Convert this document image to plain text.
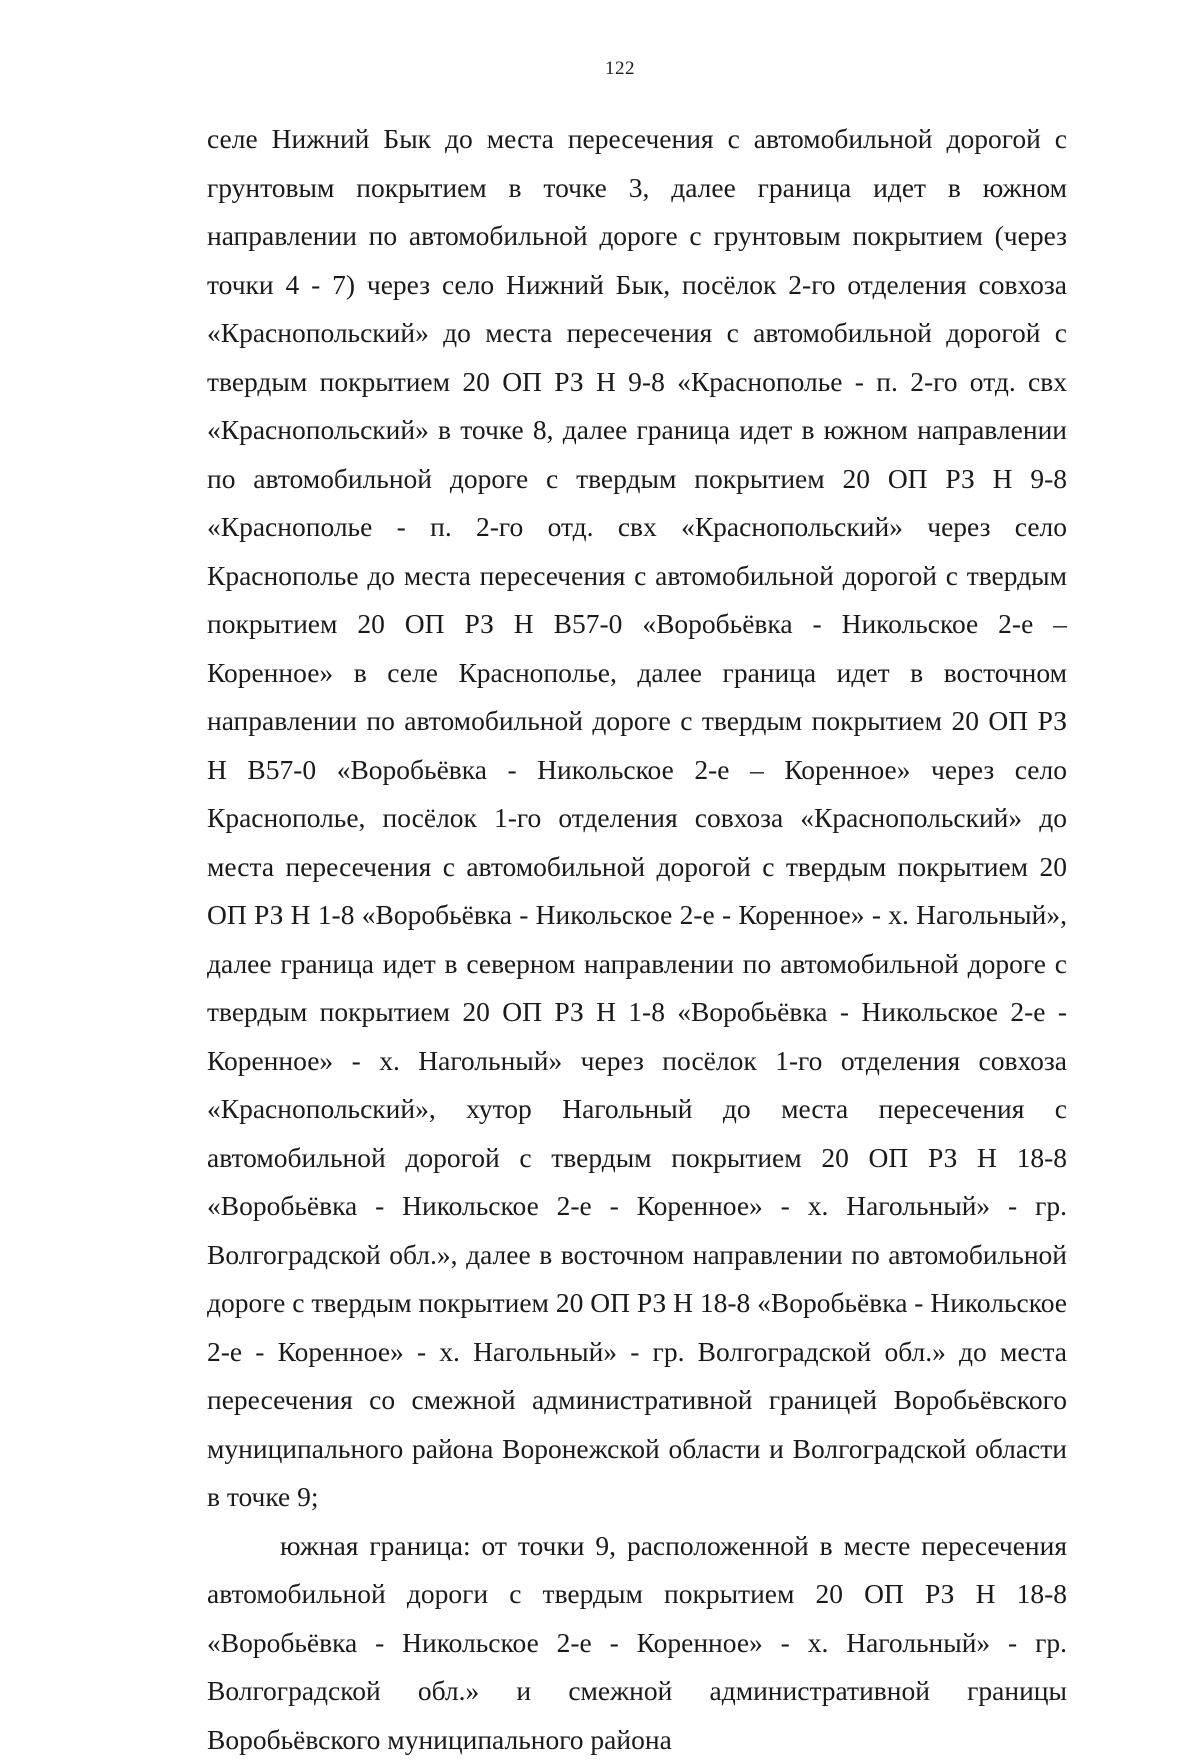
122

селе Нижний Бык до места пересечения с автомобильной дорогой с грунтовым покрытием в точке 3, далее граница идет в южном направлении по автомобильной дороге с грунтовым покрытием (через точки 4 - 7) через село Нижний Бык, посёлок 2-го отделения совхоза «Краснопольский» до места пересечения с автомобильной дорогой с твердым покрытием 20 ОП РЗ Н 9-8 «Краснополье - п. 2-го отд. свх «Краснопольский» в точке 8, далее граница идет в южном направлении по автомобильной дороге с твердым покрытием 20 ОП РЗ Н 9-8 «Краснополье - п. 2-го отд. свх «Краснопольский» через село Краснополье до места пересечения с автомобильной дорогой с твердым покрытием 20 ОП РЗ Н В57-0 «Воробьёвка - Никольское 2-е – Коренное» в селе Краснополье, далее граница идет в восточном направлении по автомобильной дороге с твердым покрытием 20 ОП РЗ Н В57-0 «Воробьёвка - Никольское 2-е – Коренное» через село Краснополье, посёлок 1-го отделения совхоза «Краснопольский» до места пересечения с автомобильной дорогой с твердым покрытием 20 ОП РЗ Н 1-8 «Воробьёвка - Никольское 2-е - Коренное» - х. Нагольный», далее граница идет в северном направлении по автомобильной дороге с твердым покрытием 20 ОП РЗ Н 1-8 «Воробьёвка - Никольское 2-е - Коренное» - х. Нагольный» через посёлок 1-го отделения совхоза «Краснопольский», хутор Нагольный до места пересечения с автомобильной дорогой с твердым покрытием 20 ОП РЗ Н 18-8 «Воробьёвка - Никольское 2-е - Коренное» - х. Нагольный» - гр. Волгоградской обл.», далее в восточном направлении по автомобильной дороге с твердым покрытием 20 ОП РЗ Н 18-8 «Воробьёвка - Никольское 2-е - Коренное» - х. Нагольный» - гр. Волгоградской обл.» до места пересечения со смежной административной границей Воробьёвского муниципального района Воронежской области и Волгоградской области в точке 9;

южная граница: от точки 9, расположенной в месте пересечения автомобильной дороги с твердым покрытием 20 ОП РЗ Н 18-8 «Воробьёвка - Никольское 2-е - Коренное» - х. Нагольный» - гр. Волгоградской обл.» и смежной административной границы Воробьёвского муниципального района
